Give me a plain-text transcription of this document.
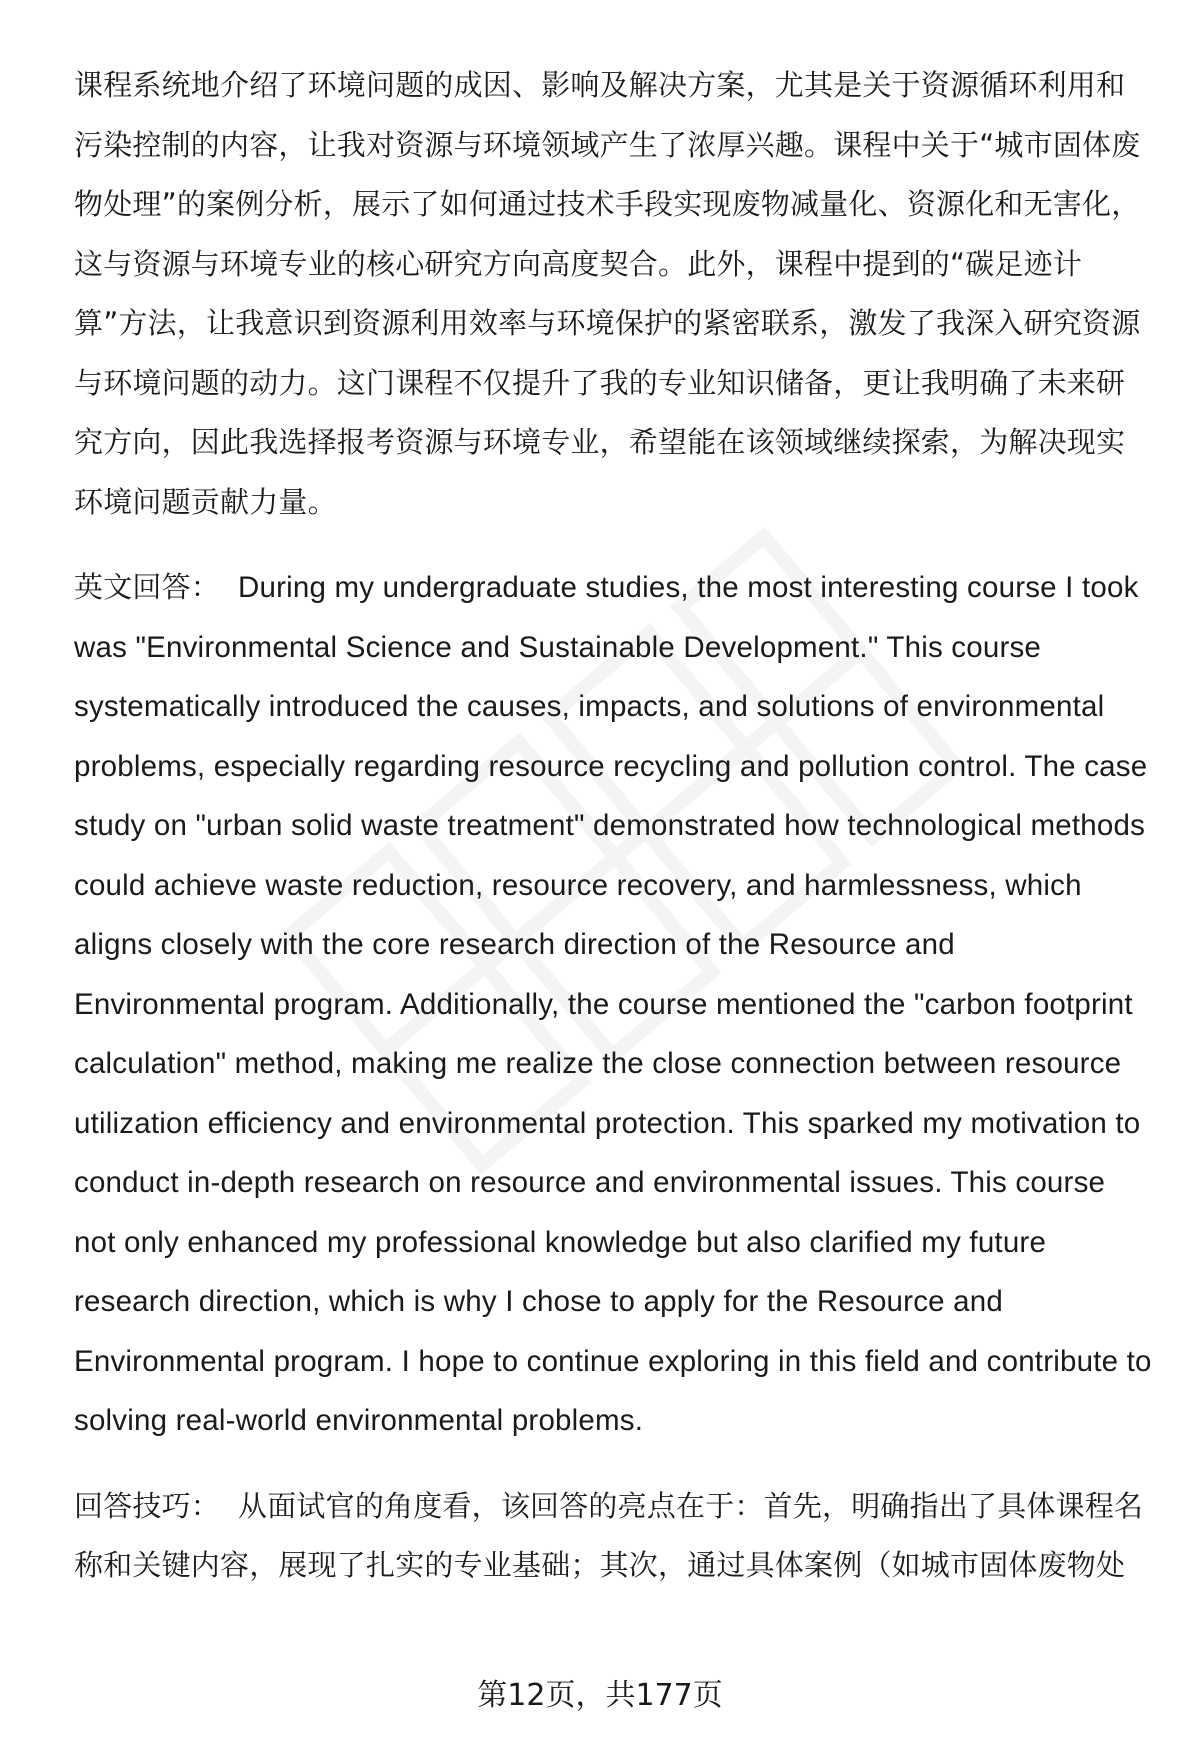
课程系统地介绍了环境问题的成因、影响及解决方案，尤其是关于资源循环利用和污染控制的内容，让我对资源与环境领域产生了浓厚兴趣。课程中关于“城市固体废物处理”的案例分析，展示了如何通过技术手段实现废物减量化、资源化和无害化，这与资源与环境专业的核心研究方向高度契合。此外，课程中提到的“碳足迹计算”方法，让我意识到资源利用效率与环境保护的紧密联系，激发了我深入研究资源与环境问题的动力。这门课程不仅提升了我的专业知识储备，更让我明确了未来研究方向，因此我选择报考资源与环境专业，希望能在该领域继续探索，为解决现实环境问题贡献力量。

英文回答： During my undergraduate studies, the most interesting course I took was "Environmental Science and Sustainable Development." This course systematically introduced the causes, impacts, and solutions of environmental problems, especially regarding resource recycling and pollution control. The case study on "urban solid waste treatment" demonstrated how technological methods could achieve waste reduction, resource recovery, and harmlessness, which aligns closely with the core research direction of the Resource and Environmental program. Additionally, the course mentioned the "carbon footprint calculation" method, making me realize the close connection between resource utilization efficiency and environmental protection. This sparked my motivation to conduct in-depth research on resource and environmental issues. This course not only enhanced my professional knowledge but also clarified my future research direction, which is why I chose to apply for the Resource and Environmental program. I hope to continue exploring in this field and contribute to solving real-world environmental problems.

回答技巧： 从面试官的角度看，该回答的亮点在于：首先，明确指出了具体课程名称和关键内容，展现了扎实的专业基础；其次，通过具体案例（如城市固体废物处

第12页，共177页
